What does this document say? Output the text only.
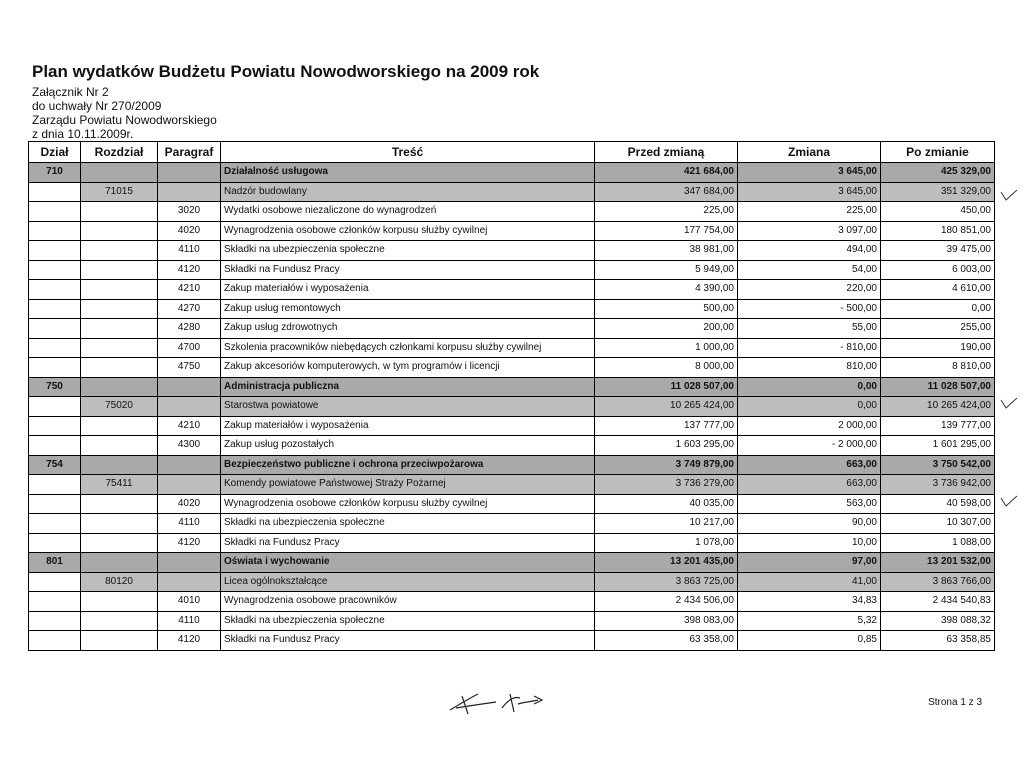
Plan wydatków Budżetu Powiatu Nowodworskiego na 2009 rok
Załącznik Nr 2
do uchwały Nr 270/2009
Zarządu Powiatu Nowodworskiego
z dnia 10.11.2009r.
Dział	Rozdział	Paragraf	Treść	Przed zmianą	Zmiana	Po zmianie
710			Działalność usługowa	421 684,00	3 645,00	425 329,00
	71015		Nadzór budowlany	347 684,00	3 645,00	351 329,00
		3020	Wydatki osobowe niezaliczone do wynagrodzeń	225,00	225,00	450,00
		4020	Wynagrodzenia osobowe członków korpusu służby cywilnej	177 754,00	3 097,00	180 851,00
		4110	Składki na ubezpieczenia społeczne	38 981,00	494,00	39 475,00
		4120	Składki na Fundusz Pracy	5 949,00	54,00	6 003,00
		4210	Zakup materiałów i wyposażenia	4 390,00	220,00	4 610,00
		4270	Zakup usług remontowych	500,00	- 500,00	0,00
		4280	Zakup usług zdrowotnych	200,00	55,00	255,00
		4700	Szkolenia pracowników niebędących członkami korpusu służby cywilnej	1 000,00	- 810,00	190,00
		4750	Zakup akcesoriów komputerowych, w tym programów i licencji	8 000,00	810,00	8 810,00
750			Administracja publiczna	11 028 507,00	0,00	11 028 507,00
	75020		Starostwa powiatowe	10 265 424,00	0,00	10 265 424,00
		4210	Zakup materiałów i wyposażenia	137 777,00	2 000,00	139 777,00
		4300	Zakup usług pozostałych	1 603 295,00	- 2 000,00	1 601 295,00
754			Bezpieczeństwo publiczne i ochrona przeciwpożarowa	3 749 879,00	663,00	3 750 542,00
	75411		Komendy powiatowe Państwowej Straży Pożarnej	3 736 279,00	663,00	3 736 942,00
		4020	Wynagrodzenia osobowe członków korpusu służby cywilnej	40 035,00	563,00	40 598,00
		4110	Składki na ubezpieczenia społeczne	10 217,00	90,00	10 307,00
		4120	Składki na Fundusz Pracy	1 078,00	10,00	1 088,00
801			Oświata i wychowanie	13 201 435,00	97,00	13 201 532,00
	80120		Licea ogólnokształcące	3 863 725,00	41,00	3 863 766,00
		4010	Wynagrodzenia osobowe pracowników	2 434 506,00	34,83	2 434 540,83
		4110	Składki na ubezpieczenia społeczne	398 083,00	5,32	398 088,32
		4120	Składki na Fundusz Pracy	63 358,00	0,85	63 358,85
Strona 1 z 3
